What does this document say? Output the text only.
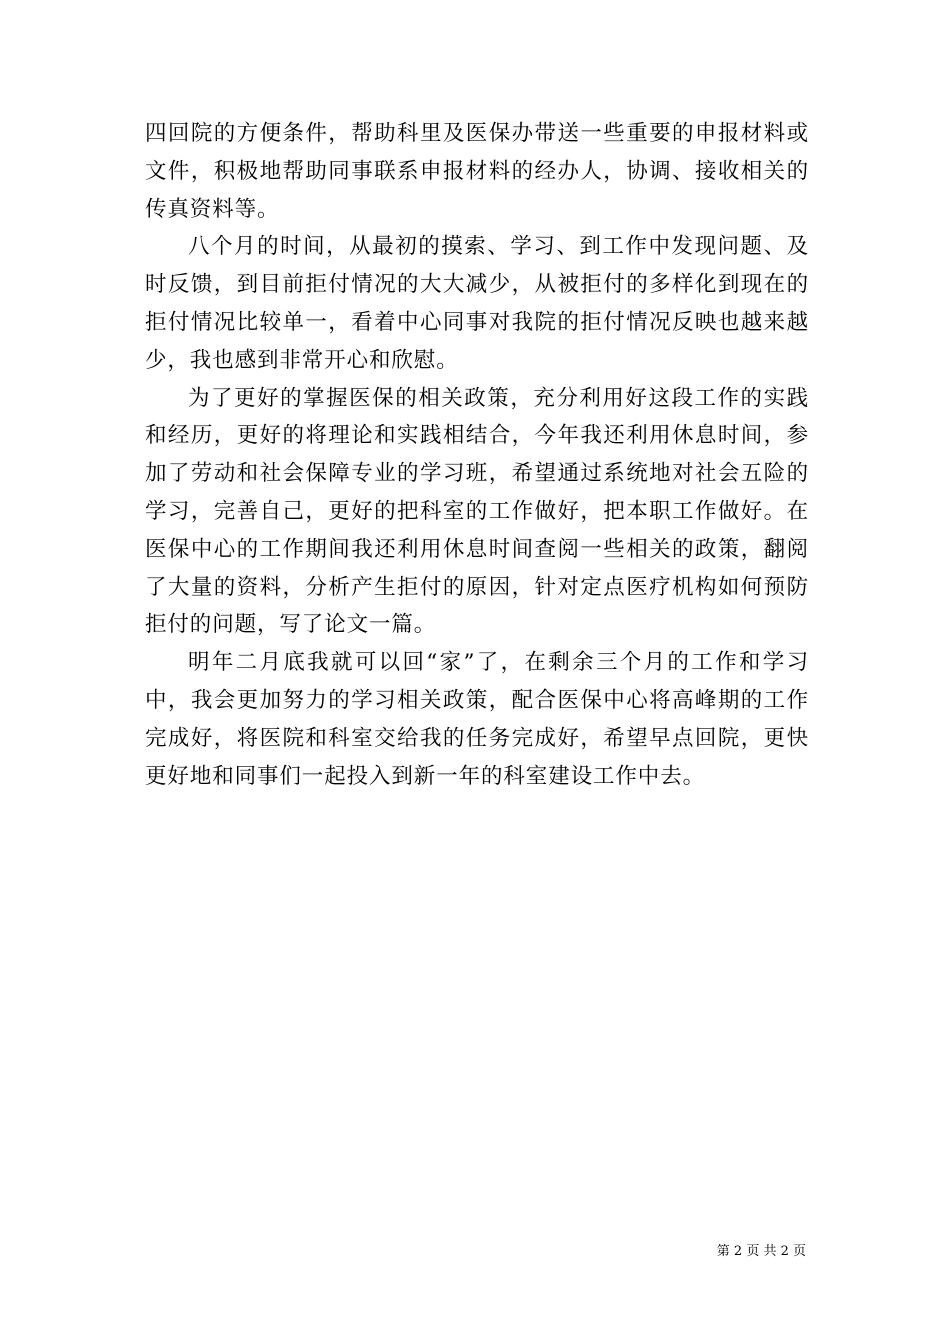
四回院的方便条件，帮助科里及医保办带送一些重要的申报材料或文件，积极地帮助同事联系申报材料的经办人，协调、接收相关的传真资料等。

八个月的时间，从最初的摸索、学习、到工作中发现问题、及时反馈，到目前拒付情况的大大减少，从被拒付的多样化到现在的拒付情况比较单一，看着中心同事对我院的拒付情况反映也越来越少，我也感到非常开心和欣慰。

为了更好的掌握医保的相关政策，充分利用好这段工作的实践和经历，更好的将理论和实践相结合，今年我还利用休息时间，参加了劳动和社会保障专业的学习班，希望通过系统地对社会五险的学习，完善自己，更好的把科室的工作做好，把本职工作做好。在医保中心的工作期间我还利用休息时间查阅一些相关的政策，翻阅了大量的资料，分析产生拒付的原因，针对定点医疗机构如何预防拒付的问题，写了论文一篇。

明年二月底我就可以回“家”了，在剩余三个月的工作和学习中，我会更加努力的学习相关政策，配合医保中心将高峰期的工作完成好，将医院和科室交给我的任务完成好，希望早点回院，更快更好地和同事们一起投入到新一年的科室建设工作中去。

第 2 页 共 2 页
